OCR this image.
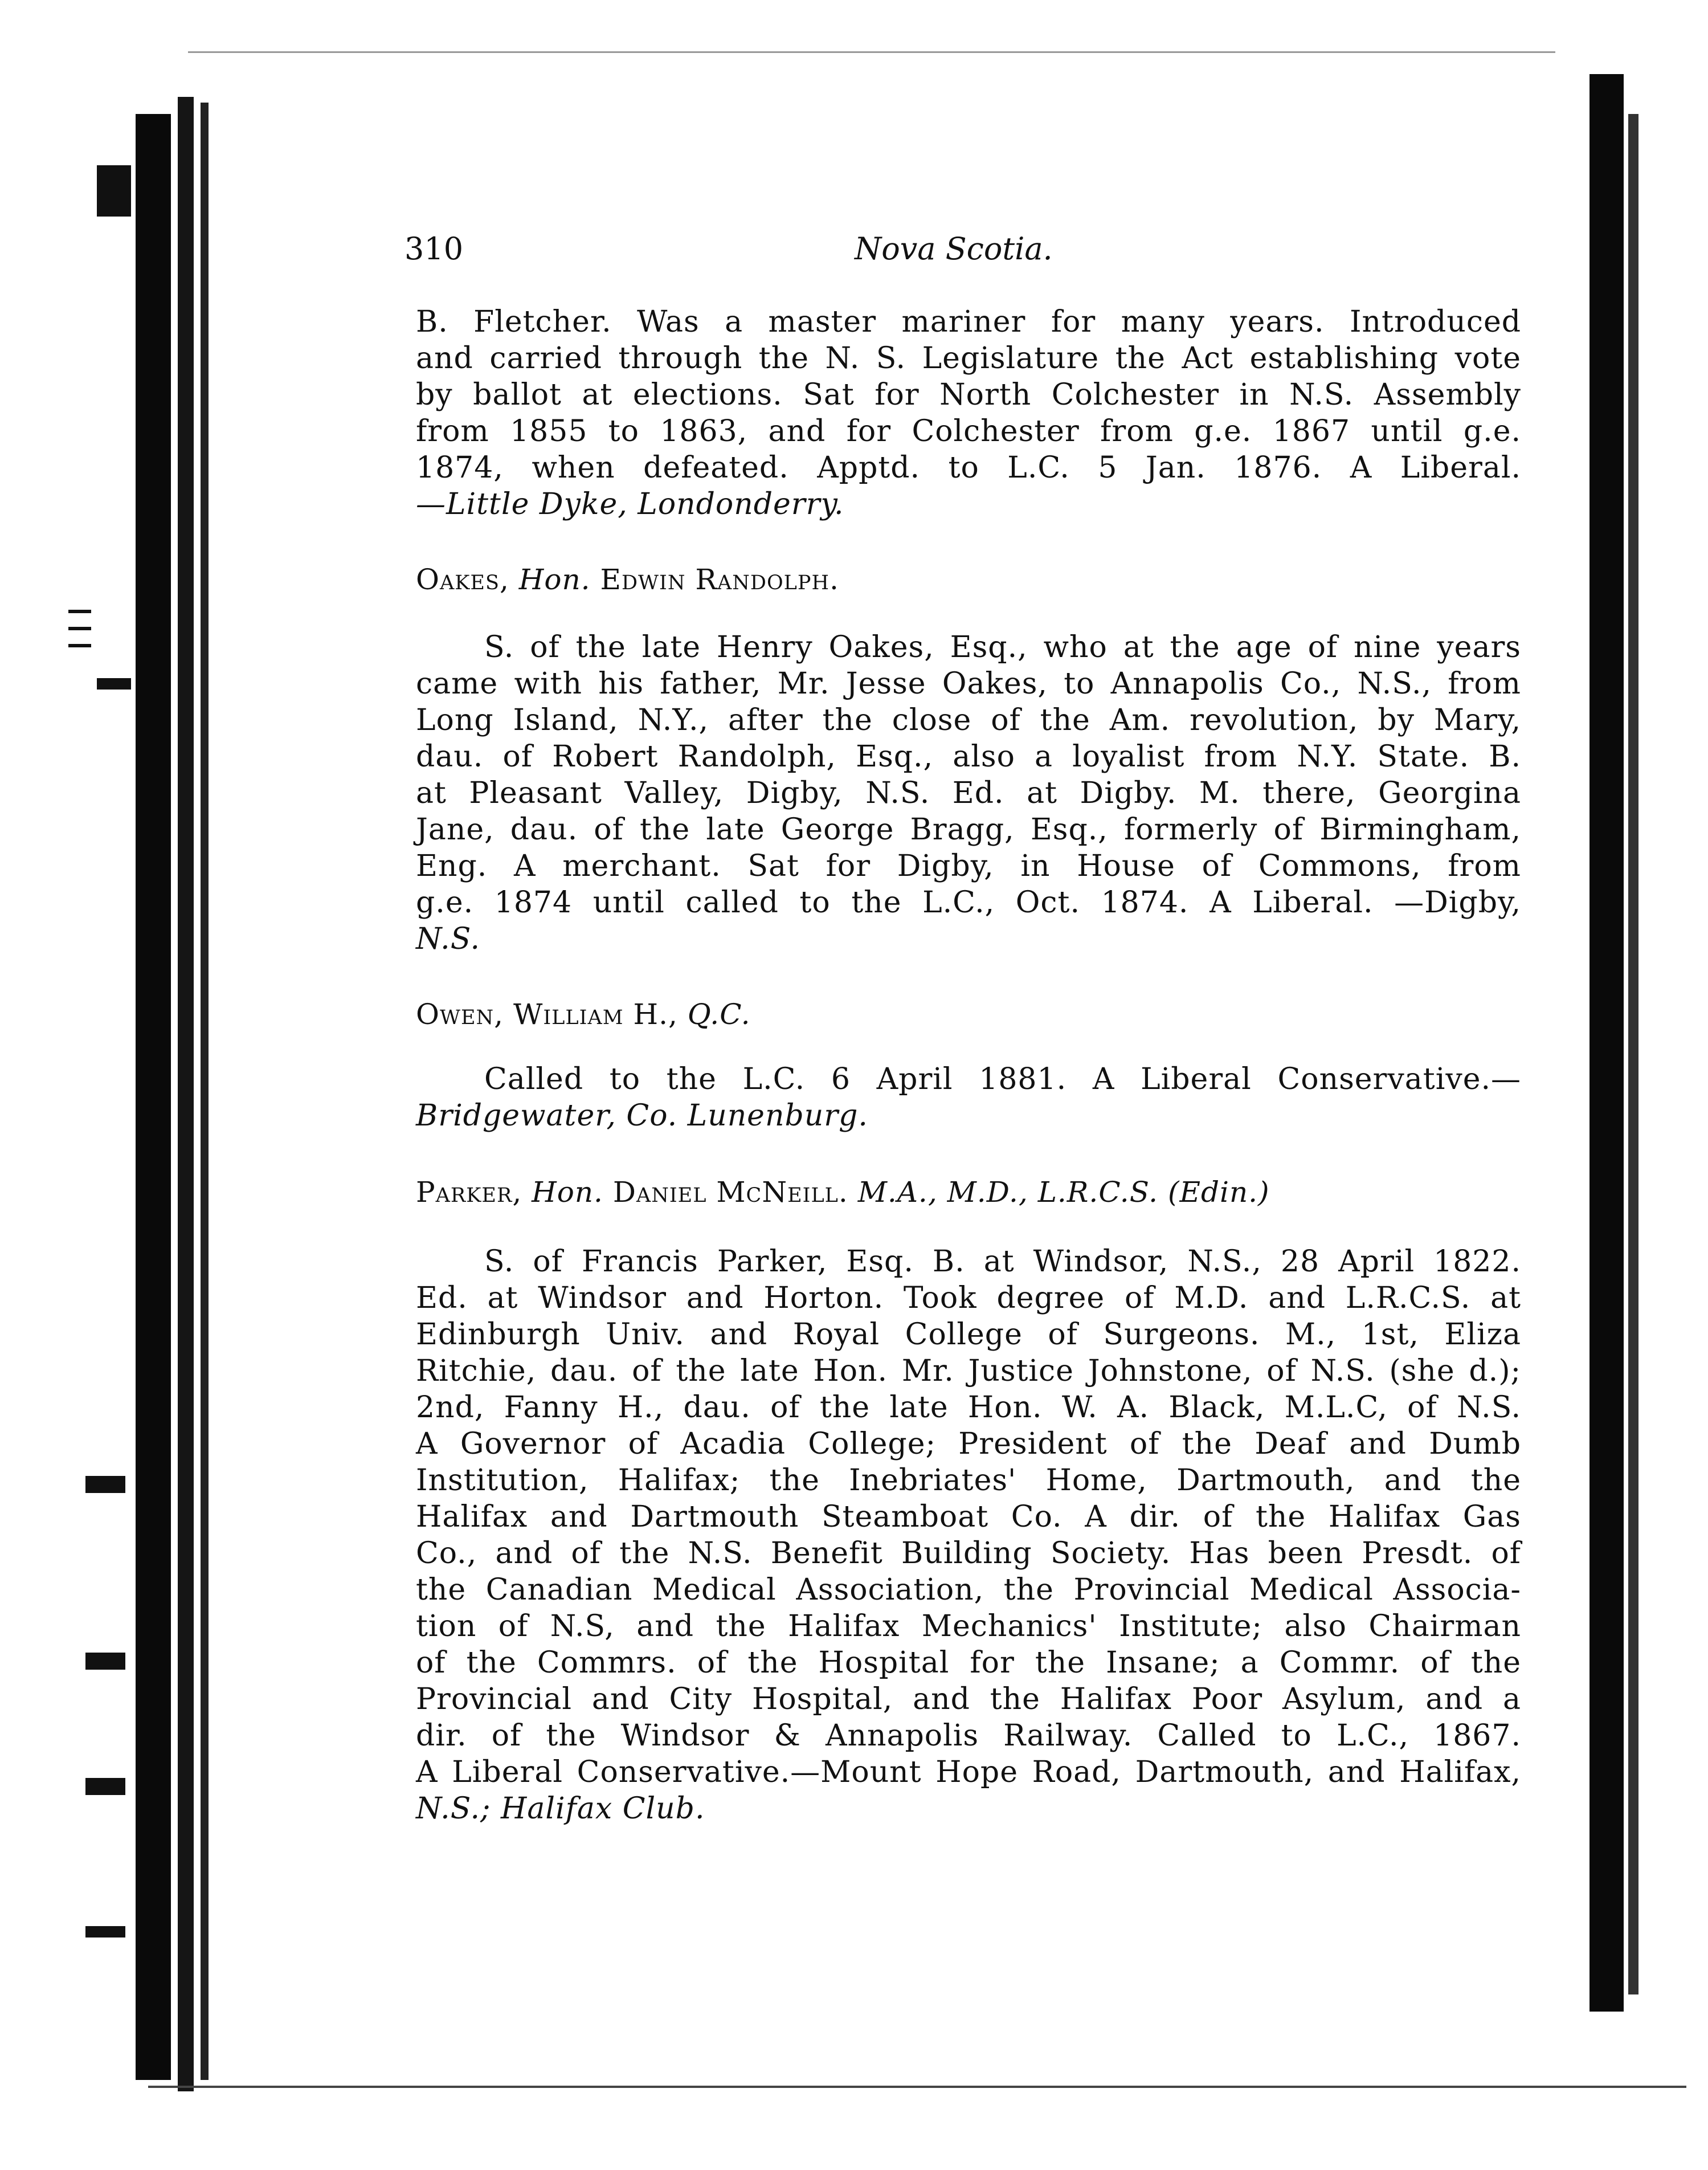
310	Nova Scotia.
B. Fletcher. Was a master mariner for many years. Introduced
and carried through the N. S. Legislature the Act establishing vote
by ballot at elections. Sat for North Colchester in N.S. Assembly
from 1855 to 1863, and for Colchester from g.e. 1867 until g.e.
1874, when defeated. Apptd. to L.C. 5 Jan. 1876. A Liberal.
—Little Dyke, Londonderry.
Oakes, Hon. Edwin Randolph.
S. of the late Henry Oakes, Esq., who at the age of nine years
came with his father, Mr. Jesse Oakes, to Annapolis Co., N.S., from
Long Island, N.Y., after the close of the Am. revolution, by Mary,
dau. of Robert Randolph, Esq., also a loyalist from N.Y. State. B.
at Pleasant Valley, Digby, N.S. Ed. at Digby. M. there, Georgina
Jane, dau. of the late George Bragg, Esq., formerly of Birmingham,
Eng. A merchant. Sat for Digby, in House of Commons, from
g.e. 1874 until called to the L.C., Oct. 1874. A Liberal. —Digby,
N.S.
Owen, William H., Q.C.
Called to the L.C. 6 April 1881. A Liberal Conservative.—
Bridgewater, Co. Lunenburg.
Parker, Hon. Daniel McNeill. M.A., M.D., L.R.C.S. (Edin.)
S. of Francis Parker, Esq. B. at Windsor, N.S., 28 April 1822.
Ed. at Windsor and Horton. Took degree of M.D. and L.R.C.S. at
Edinburgh Univ. and Royal College of Surgeons. M., 1st, Eliza
Ritchie, dau. of the late Hon. Mr. Justice Johnstone, of N.S. (she d.);
2nd, Fanny H., dau. of the late Hon. W. A. Black, M.L.C, of N.S.
A Governor of Acadia College; President of the Deaf and Dumb
Institution, Halifax; the Inebriates' Home, Dartmouth, and the
Halifax and Dartmouth Steamboat Co. A dir. of the Halifax Gas
Co., and of the N.S. Benefit Building Society. Has been Presdt. of
the Canadian Medical Association, the Provincial Medical Associa-
tion of N.S, and the Halifax Mechanics' Institute; also Chairman
of the Commrs. of the Hospital for the Insane; a Commr. of the
Provincial and City Hospital, and the Halifax Poor Asylum, and a
dir. of the Windsor & Annapolis Railway. Called to L.C., 1867.
A Liberal Conservative.—Mount Hope Road, Dartmouth, and Halifax,
N.S.; Halifax Club.
